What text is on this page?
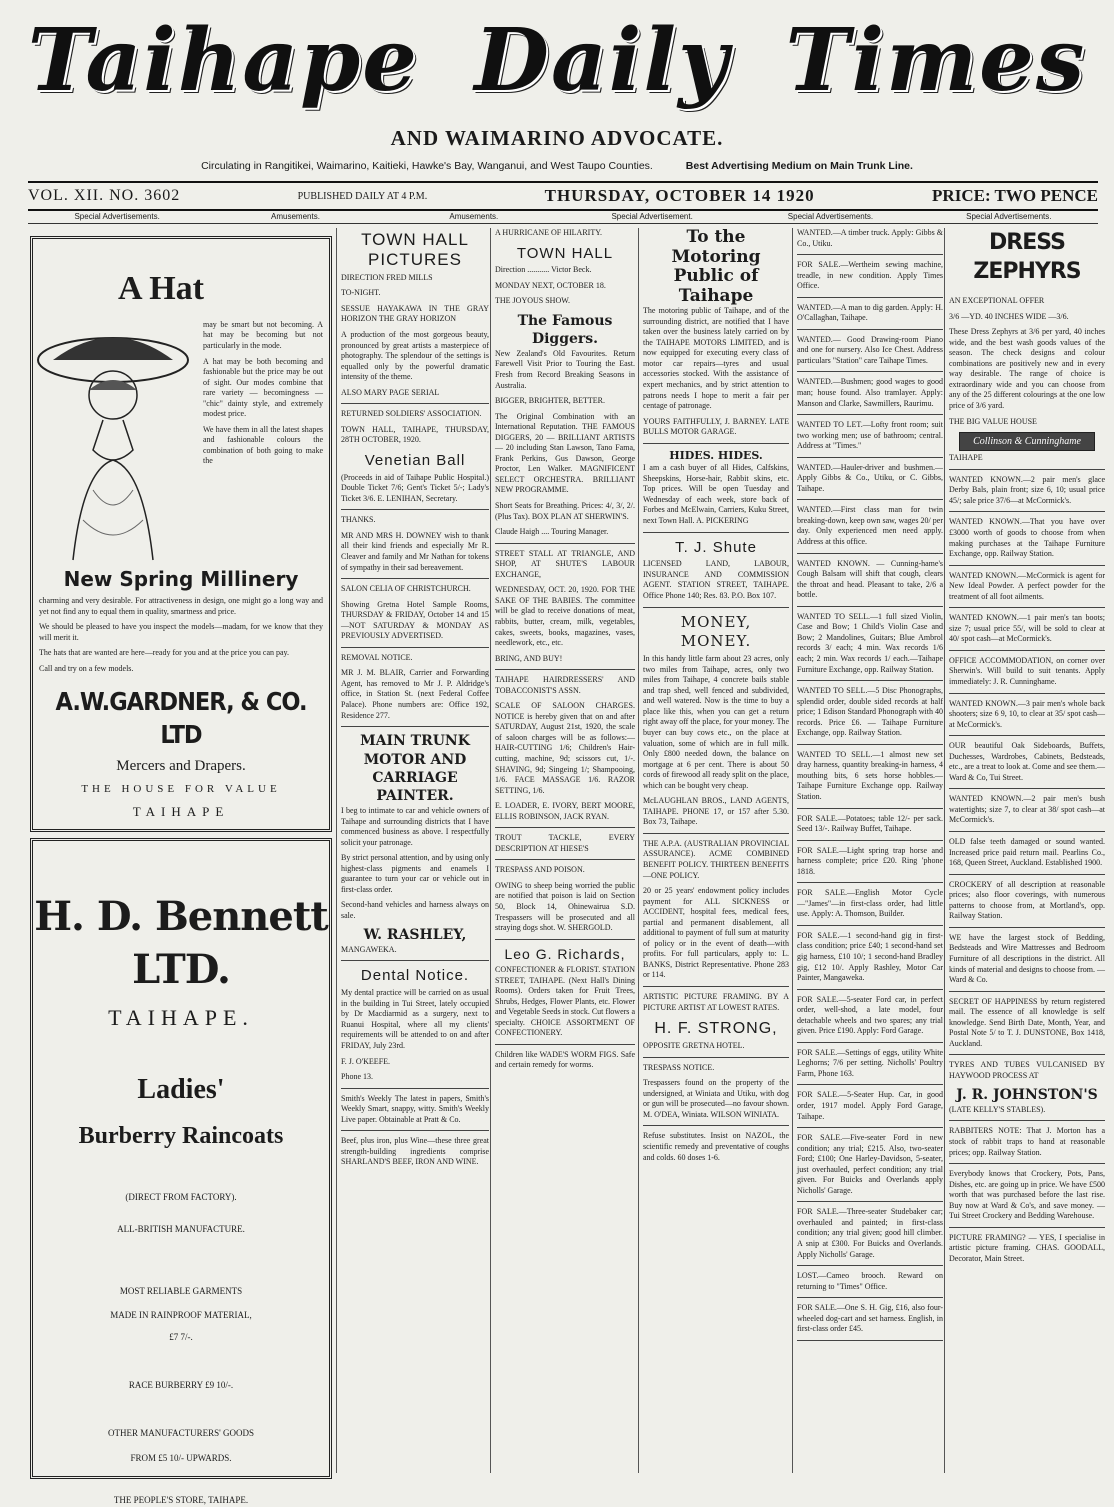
Taihape Daily Times
AND WAIMARINO ADVOCATE.
Circulating in Rangitikei, Waimarino, Kaitieki, Hawke's Bay, Wanganui, and West Taupo Counties.	Best Advertising Medium on Main Trunk Line.
VOL. XII. NO. 3602	PUBLISHED DAILY AT 4 P.M.	THURSDAY, OCTOBER 14 1920	PRICE: TWO PENCE
Special Advertisements.	Amusements.	Amusements.	Special Advertisement.	Special Advertisements.	Special Advertisements.
A Hat

may be smart but not becoming. A hat may be becoming but not particularly in the mode.

A hat may be both becoming and fashionable but the price may be out of sight. Our modes combine that rare variety — becomingness — "chic" dainty style, and extremely modest price.

We have them in all the latest shapes and fashionable colours the combination of both going to make the

New Spring Millinery

charming and very desirable. For attractiveness in design, one might go a long way and yet not find any to equal them in quality, smartness and price.

We should be pleased to have you inspect the models—madam, for we know that they will merit it.

The hats that are wanted are here—ready for you and at the price you can pay.

Call and try on a few models.

A.W.GARDNER, & CO. LTD
Mercers and Drapers.
THE HOUSE FOR VALUE
TAIHAPE
H. D. Bennett LTD.
TAIHAPE.
Ladies'
Burberry Raincoats
(DIRECT FROM FACTORY).
ALL-BRITISH MANUFACTURE.
MOST RELIABLE GARMENTS
MADE IN RAINPROOF MATERIAL,
£7 7/-.
RACE BURBERRY £9 10/-.
OTHER MANUFACTURERS' GOODS
FROM £5 10/- UPWARDS.
THE PEOPLE'S STORE, TAIHAPE.
TOWN HALL PICTURES

DIRECTION FRED MILLS

TO-NIGHT.

SESSUE HAYAKAWA IN THE GRAY HORIZON THE GRAY HORIZON

A production of the most gorgeous beauty, pronounced by great artists a masterpiece of photography. The splendour of the settings is equalled only by the powerful dramatic intensity of the theme.

ALSO MARY PAGE SERIAL

RETURNED SOLDIERS' ASSOCIATION.

TOWN HALL, TAIHAPE, THURSDAY, 28TH OCTOBER, 1920.

Venetian Ball

(Proceeds in aid of Taihape Public Hospital.) Double Ticket 7/6; Gent's Ticket 5/-; Lady's Ticket 3/6. E. LENIHAN, Secretary.

THANKS.

MR AND MRS H. DOWNEY wish to thank all their kind friends and especially Mr R. Cleaver and family and Mr Nathan for tokens of sympathy in their sad bereavement.

SALON CELIA OF CHRISTCHURCH.

Showing Gretna Hotel Sample Rooms, THURSDAY & FRIDAY, October 14 and 15—NOT SATURDAY & MONDAY AS PREVIOUSLY ADVERTISED.

REMOVAL NOTICE.

MR J. M. BLAIR, Carrier and Forwarding Agent, has removed to Mr J. P. Aldridge's office, in Station St. (next Federal Coffee Palace). Phone numbers are: Office 192, Residence 277.

MAIN TRUNK MOTOR AND CARRIAGE PAINTER.

I beg to intimate to car and vehicle owners of Taihape and surrounding districts that I have commenced business as above. I respectfully solicit your patronage.

By strict personal attention, and by using only highest-class pigments and enamels I guarantee to turn your car or vehicle out in first-class order.

Second-hand vehicles and harness always on sale.

W. RASHLEY,

MANGAWEKA.

Dental Notice.

My dental practice will be carried on as usual in the building in Tui Street, lately occupied by Dr Macdiarmid as a surgery, next to Ruanui Hospital, where all my clients' requirements will be attended to on and after FRIDAY, July 23rd.

F. J. O'KEEFE.

Phone 13.

Smith's Weekly The latest in papers, Smith's Weekly Smart, snappy, witty. Smith's Weekly Live paper. Obtainable at Pratt & Co.

Beef, plus iron, plus Wine—these three great strength-building ingredients comprise SHARLAND'S BEEF, IRON AND WINE.

A HURRICANE OF HILARITY.

TOWN HALL

Direction ........... Victor Beck.

MONDAY NEXT, OCTOBER 18.

THE JOYOUS SHOW.

The Famous Diggers.

New Zealand's Old Favourites. Return Farewell Visit Prior to Touring the East. Fresh from Record Breaking Seasons in Australia.

BIGGER, BRIGHTER, BETTER.

The Original Combination with an International Reputation. THE FAMOUS DIGGERS, 20 — BRILLIANT ARTISTS — 20 including Stan Lawson, Tano Fama, Frank Perkins, Gus Dawson, George Proctor, Len Walker. MAGNIFICENT SELECT ORCHESTRA. BRILLIANT NEW PROGRAMME.

Short Seats for Breathing. Prices: 4/, 3/, 2/. (Plus Tax). BOX PLAN AT SHERWIN'S.

Claude Haigh .... Touring Manager.

STREET STALL AT TRIANGLE, AND SHOP, AT SHUTE'S LABOUR EXCHANGE,

WEDNESDAY, OCT. 20, 1920. FOR THE SAKE OF THE BABIES. The committee will be glad to receive donations of meat, rabbits, butter, cream, milk, vegetables, cakes, sweets, books, magazines, vases, needlework, etc., etc.

BRING, AND BUY!

TAIHAPE HAIRDRESSERS' AND TOBACCONIST'S ASSN.

SCALE OF SALOON CHARGES. NOTICE is hereby given that on and after SATURDAY, August 21st, 1920, the scale of saloon charges will be as follows:— HAIR-CUTTING 1/6; Children's Hair-cutting, machine, 9d; scissors cut, 1/-. SHAVING, 9d; Singeing 1/; Shampooing, 1/6. FACE MASSAGE 1/6. RAZOR SETTING, 1/6.

E. LOADER, E. IVORY, BERT MOORE, ELLIS ROBINSON, JACK RYAN.

TROUT TACKLE, EVERY DESCRIPTION AT HIESE'S

TRESPASS AND POISON.

OWING to sheep being worried the public are notified that poison is laid on Section 50, Block 14, Ohinewairua S.D. Trespassers will be prosecuted and all straying dogs shot. W. SHERGOLD.

Leo G. Richards,

CONFECTIONER & FLORIST. STATION STREET, TAIHAPE. (Next Hall's Dining Rooms). Orders taken for Fruit Trees, Shrubs, Hedges, Flower Plants, etc. Flower and Vegetable Seeds in stock. Cut flowers a specialty. CHOICE ASSORTMENT OF CONFECTIONERY.

Children like WADE'S WORM FIGS. Safe and certain remedy for worms.

To the Motoring Public of Taihape

The motoring public of Taihape, and of the surrounding district, are notified that I have taken over the business lately carried on by the TAIHAPE MOTORS LIMITED, and is now equipped for executing every class of motor car repairs—tyres and usual accessories stocked. With the assistance of expert mechanics, and by strict attention to patrons needs I hope to merit a fair per centage of patronage.

YOURS FAITHFULLY, J. BARNEY. LATE BULLS MOTOR GARAGE.

HIDES. HIDES.

I am a cash buyer of all Hides, Calfskins, Sheepskins, Horse-hair, Rabbit skins, etc. Top prices. Will be open Tuesday and Wednesday of each week, store back of Forbes and McElwain, Carriers, Kuku Street, next Town Hall. A. PICKERING

T. J. Shute

LICENSED LAND, LABOUR, INSURANCE AND COMMISSION AGENT. STATION STREET, TAIHAPE. Office Phone 140; Res. 83. P.O. Box 107.

MONEY, MONEY.

In this handy little farm about 23 acres, only two miles from Taihape, acres, only two miles from Taihape, 4 concrete bails stable and trap shed, well fenced and subdivided, and well watered. Now is the time to buy a place like this, when you can get a return right away off the place, for your money. The buyer can buy cows etc., on the place at valuation, some of which are in full milk. Only £800 needed down, the balance on mortgage at 6 per cent. There is about 50 cords of firewood all ready split on the place, which can be bought very cheap.

McLAUGHLAN BROS., LAND AGENTS, TAIHAPE. PHONE 17, or 157 after 5.30. Box 73, Taihape.

THE A.P.A. (AUSTRALIAN PROVINCIAL ASSURANCE). ACME COMBINED BENEFIT POLICY. THIRTEEN BENEFITS—ONE POLICY.

20 or 25 years' endowment policy includes payment for ALL SICKNESS or ACCIDENT, hospital fees, medical fees, partial and permanent disablement, all additional to payment of full sum at maturity of policy or in the event of death—with profits. For full particulars, apply to: L. BANKS, District Representative. Phone 283 or 114.

ARTISTIC PICTURE FRAMING. BY A PICTURE ARTIST AT LOWEST RATES.

H. F. STRONG,

OPPOSITE GRETNA HOTEL.

TRESPASS NOTICE.

Trespassers found on the property of the undersigned, at Winiata and Utiku, with dog or gun will be prosecuted—no favour shown. M. O'DEA, Winiata. WILSON WINIATA.

Refuse substitutes. Insist on NAZOL, the scientific remedy and preventative of coughs and colds. 60 doses 1-6.

WANTED.—A timber truck. Apply: Gibbs & Co., Utiku.

FOR SALE.—Wertheim sewing machine, treadle, in new condition. Apply Times Office.

WANTED.—A man to dig garden. Apply: H. O'Callaghan, Taihape.

WANTED.— Good Drawing-room Piano and one for nursery. Also Ice Chest. Address particulars "Station" care Taihape Times.

WANTED.—Bushmen; good wages to good man; house found. Also tramlayer. Apply: Manson and Clarke, Sawmillers, Raurimu.

WANTED TO LET.—Lofty front room; suit two working men; use of bathroom; central. Address at "Times."

WANTED.—Hauler-driver and bushmen.—Apply Gibbs & Co., Utiku, or C. Gibbs, Taihape.

WANTED.—First class man for twin breaking-down, keep own saw, wages 20/ per day. Only experienced men need apply. Address at this office.

WANTED KNOWN. — Cunning-hame's Cough Balsam will shift that cough, clears the throat and head. Pleasant to take, 2/6 a bottle.

WANTED TO SELL.—1 full sized Violin, Case and Bow; 1 Child's Violin Case and Bow; 2 Mandolines, Guitars; Blue Ambrol records 3/ each; 4 min. Wax records 1/6 each; 2 min. Wax records 1/ each.—Taihape Furniture Exchange, opp. Railway Station.

WANTED TO SELL.—5 Disc Phonographs, splendid order, double sided records at half price; 1 Edison Standard Phonograph with 40 records. Price £6. — Taihape Furniture Exchange, opp. Railway Station.

WANTED TO SELL.—1 almost new set dray harness, quantity breaking-in harness, 4 mouthing bits, 6 sets horse hobbles.—Taihape Furniture Exchange opp. Railway Station.

FOR SALE.—Potatoes; table 12/- per sack. Seed 13/-. Railway Buffet, Taihape.

FOR SALE.—Light spring trap horse and harness complete; price £20. Ring 'phone 1818.

FOR SALE.—English Motor Cycle—"James"—in first-class order, had little use. Apply: A. Thomson, Builder.

FOR SALE.—1 second-hand gig in first-class condition; price £40; 1 second-hand set gig harness, £10 10/; 1 second-hand Bradley gig, £12 10/. Apply Rashley, Motor Car Painter, Mangaweka.

FOR SALE.—5-seater Ford car, in perfect order, well-shod, a late model, four detachable wheels and two spares; any trial given. Price £190. Apply: Ford Garage.

FOR SALE.—Settings of eggs, utility White Leghorns; 7/6 per setting. Nicholls' Poultry Farm, Phone 163.

FOR SALE.—5-Seater Hup. Car, in good order, 1917 model. Apply Ford Garage, Taihape.

FOR SALE.—Five-seater Ford in new condition; any trial; £215. Also, two-seater Ford; £100; One Harley-Davidson, 5-seater, just overhauled, perfect condition; any trial given. For Buicks and Overlands apply Nicholls' Garage.

FOR SALE.—Three-seater Studebaker car; overhauled and painted; in first-class condition; any trial given; good hill climber. A snip at £300. For Buicks and Overlands. Apply Nicholls' Garage.

LOST.—Cameo brooch. Reward on returning to "Times" Office.

FOR SALE.—One S. H. Gig, £16, also four-wheeled dog-cart and set harness. English, in first-class order £45.

DRESS ZEPHYRS

AN EXCEPTIONAL OFFER

3/6 —YD. 40 INCHES WIDE —3/6.

These Dress Zephyrs at 3/6 per yard, 40 inches wide, and the best wash goods values of the season. The check designs and colour combinations are positively new and in every way desirable. The range of choice is extraordinary wide and you can choose from any of the 25 different colourings at the one low price of 3/6 yard.

THE BIG VALUE HOUSE

Collinson & Cunninghame

TAIHAPE

WANTED KNOWN.—2 pair men's glace Derby Bals, plain front; size 6, 10; usual price 45/; sale price 37/6—at McCormick's.

WANTED KNOWN.—That you have over £3000 worth of goods to choose from when making purchases at the Taihape Furniture Exchange, opp. Railway Station.

WANTED KNOWN.—McCormick is agent for New Ideal Powder. A perfect powder for the treatment of all foot ailments.

WANTED KNOWN.—1 pair men's tan boots; size 7; usual price 55/, will be sold to clear at 40/ spot cash—at McCormick's.

OFFICE ACCOMMODATION, on corner over Sherwin's. Will build to suit tenants. Apply immediately: J. R. Cunninghame.

WANTED KNOWN.—3 pair men's whole back shooters; size 6 9, 10, to clear at 35/ spot cash—at McCormick's.

OUR beautiful Oak Sideboards, Buffets, Duchesses, Wardrobes, Cabinets, Bedsteads, etc., are a treat to look at. Come and see them.—Ward & Co, Tui Street.

WANTED KNOWN.—2 pair men's bush watertights; size 7, to clear at 38/ spot cash—at McCormick's.

OLD false teeth damaged or sound wanted. Increased price paid return mail. Pearlins Co., 168, Queen Street, Auckland. Established 1900.

CROCKERY of all description at reasonable prices; also floor coverings, with numerous patterns to choose from, at Mortland's, opp. Railway Station.

WE have the largest stock of Bedding, Bedsteads and Wire Mattresses and Bedroom Furniture of all descriptions in the district. All kinds of material and designs to choose from. —Ward & Co.

SECRET OF HAPPINESS by return registered mail. The essence of all knowledge is self knowledge. Send Birth Date, Month, Year, and Postal Note 5/ to T. J. DUNSTONE, Box 1418, Auckland.

TYRES AND TUBES VULCANISED BY HAYWOOD PROCESS AT

J. R. JOHNSTON'S

(LATE KELLY'S STABLES).

RABBITERS NOTE: That J. Morton has a stock of rabbit traps to hand at reasonable prices; opp. Railway Station.

Everybody knows that Crockery, Pots, Pans, Dishes, etc. are going up in price. We have £500 worth that was purchased before the last rise. Buy now at Ward & Co's, and save money. —Tui Street Crockery and Bedding Warehouse.

PICTURE FRAMING? — YES, I specialise in artistic picture framing. CHAS. GOODALL, Decorator, Main Street.
